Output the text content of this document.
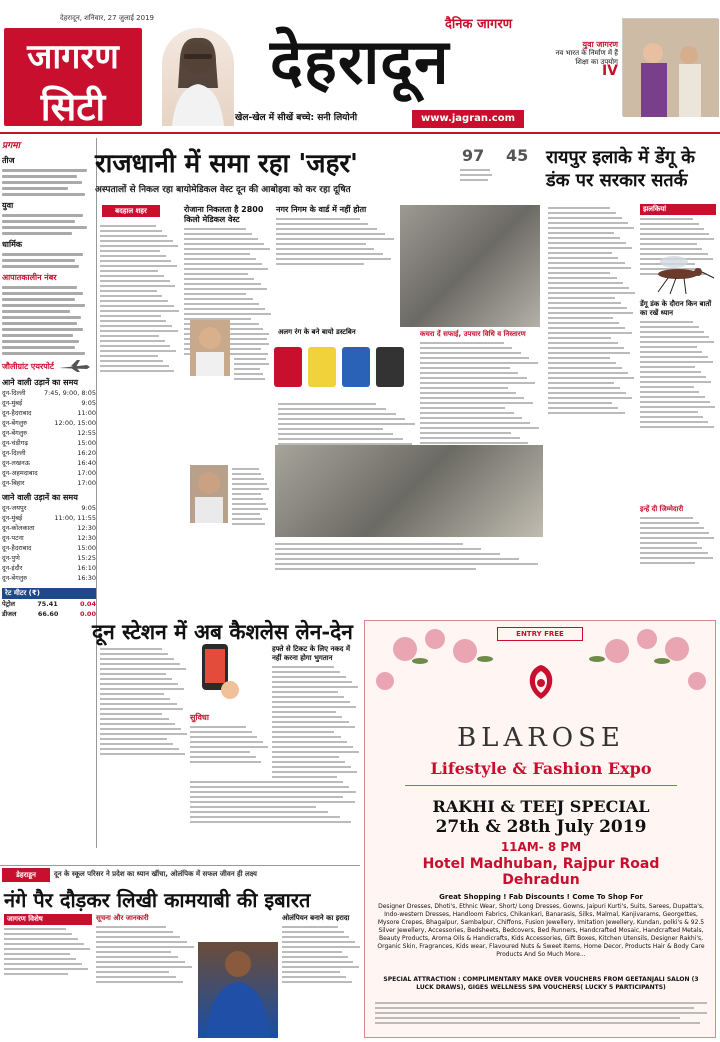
देहरादून, शनिवार, 27 जुलाई 2019
जागरण
सिटी
दैनिक जागरण
देहरादून
खेल-खेल में सीखें बच्चे: सनी लियोनी	www.jagran.com
युवा जागरण
नव भारत के निर्माण में हैं शिक्षा का उपयोग
IV
प्रगमा
तीज
युवा
धार्मिक
आपातकालीन नंबर
जौलीग्रांट एयरपोर्ट
आने वाली उड़ानें का समय
दून-दिल्ली	7:45, 9:00, 8:05
दून-मुंबई	9:05
दून-हैदराबाद	11:00
दून-बेंगलुरु	12:00, 15:00
दून-बेंगलुरु	12:55
दून-चंडीगढ़	15:00
दून-दिल्ली	16:20
दून-लखनऊ	16:40
दून-अहमदाबाद	17:00
दून-बिहार	17:00
जाने वाली उड़ानें का समय
दून-जयपुर	9:05
दून-मुंबई	11:00, 11:55
दून-कोलकाता	12:30
दून-पटना	12:30
दून-हैदराबाद	15:00
दून-पुणे	15:25
दून-इंदौर	16:10
दून-बेंगलुरु	16:30
रेट मीटर (₹)
पेट्रोल	75.41	0.04
डीजल	66.60	0.00
राजधानी में समा रहा 'जहर'
अस्पतालों से निकल रहा बायोमेडिकल वेस्ट दून की आबोहवा को कर रहा दूषित
97 45
बदहाल शहर	रोजाना निकलता है 2800 किलो मेडिकल वेस्ट
नगर निगम के वार्ड में नहीं होता
अलग रंग के बने बायो डस्टबिन	कचरा दें सफाई, उपचार विधि व निस्तारण
रायपुर इलाके में डेंगू के डंक पर सरकार सतर्क
झलकियां
डेंगू डंक के दौरान किन बातों का रखें ध्यान
इन्हें दी जिम्मेदारी
दून स्टेशन में अब कैशलेस लेन-देन
सुविधा
हफ्ते से टिकट के लिए नकद में नहीं करना होगा भुगतान
ENTRY FREE
BLAROSE
Lifestyle & Fashion Expo
RAKHI & TEEJ SPECIAL
27th & 28th July 2019
11AM- 8 PM
Hotel Madhuban, Rajpur Road
Dehradun
Great Shopping ! Fab Discounts ! Come To Shop For
Designer Dresses, Dhoti's, Ethnic Wear, Short/ Long Dresses, Gowns, Jaipuri Kurti's, Suits, Sarees, Dupatta's, Indo-western Dresses, Handloom Fabrics, Chikankari, Banarasis, Silks, Malmal, Kanjivarams, Georgettes, Mysore Crepes, Bhagalpur, Sambalpur, Chiffons, Fusion Jewellery, Imitation Jewellery, Kundan, polki's & 92.5 Silver Jewellery, Accessories, Bedsheets, Bedcovers, Bed Runners, Handcrafted Mosaic, Handcrafted Metals, Beauty Products, Aroma Oils & Handicrafts, Kids Accessories, Gift Boxes, Kitchen Utensils, Designer Rakhi's, Organic Skin, Fragrances, Kids wear, Flavoured Nuts & Sweet Items, Home Decor, Products Hair & Body Care Products And So Much More...
SPECIAL ATTRACTION : COMPLIMENTARY MAKE OVER VOUCHERS FROM GEETANJALI SALON (3 LUCK DRAWS), GIGES WELLNESS SPA VOUCHERS( LUCKY 5 PARTICIPANTS)
डेहराडून	दून के स्कूल परिसर ने प्रदेश का ध्यान खींचा, ओलंपिक में सफल जीवन ही लक्ष्य
नंगे पैर दौड़कर लिखी कामयाबी की इबारत
जागरण विशेष	सूचना और जानकारी	ओलंपियन बनाने का इरादा
